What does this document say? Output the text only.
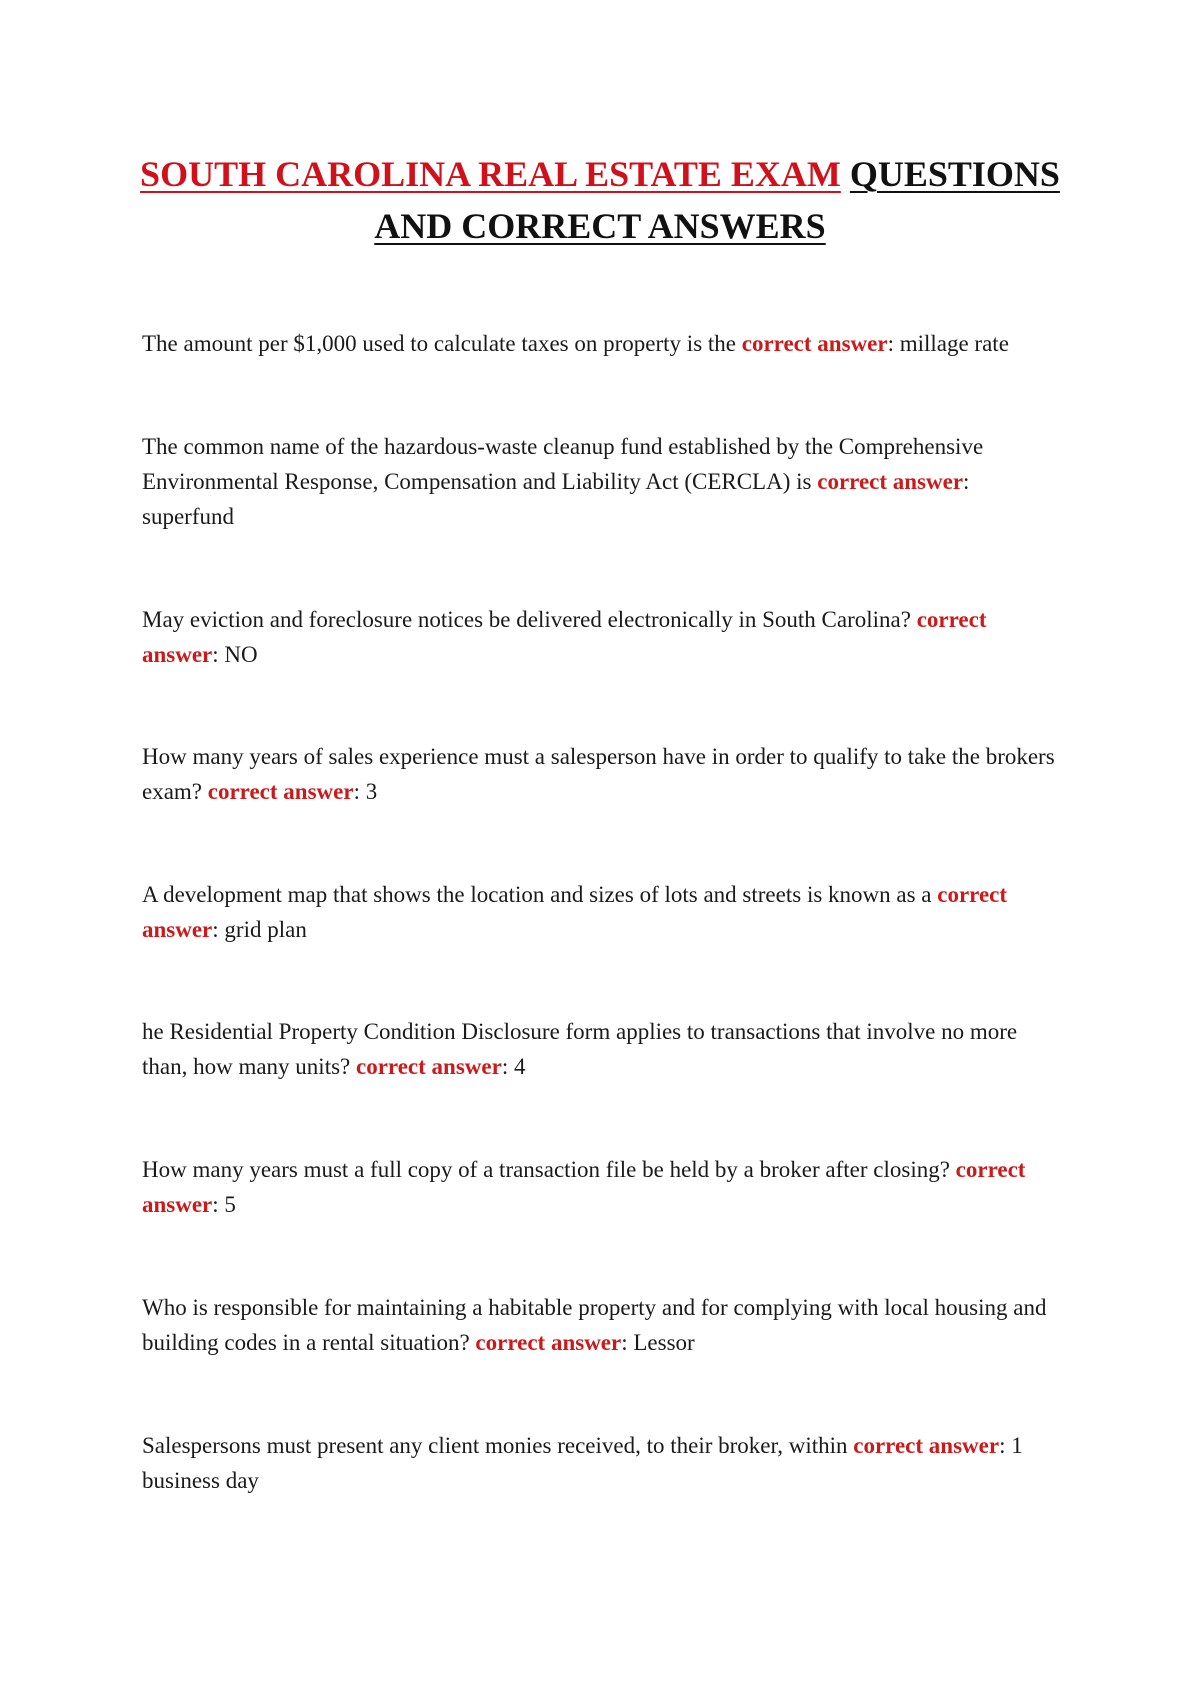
SOUTH CAROLINA REAL ESTATE EXAM QUESTIONS
AND CORRECT ANSWERS

The amount per $1,000 used to calculate taxes on property is the correct answer: millage rate

The common name of the hazardous-waste cleanup fund established by the Comprehensive Environmental Response, Compensation and Liability Act (CERCLA) is correct answer: superfund

May eviction and foreclosure notices be delivered electronically in South Carolina? correct answer: NO

How many years of sales experience must a salesperson have in order to qualify to take the brokers exam? correct answer: 3

A development map that shows the location and sizes of lots and streets is known as a correct answer: grid plan

he Residential Property Condition Disclosure form applies to transactions that involve no more than, how many units? correct answer: 4

How many years must a full copy of a transaction file be held by a broker after closing? correct answer: 5

Who is responsible for maintaining a habitable property and for complying with local housing and building codes in a rental situation? correct answer: Lessor

Salespersons must present any client monies received, to their broker, within correct answer: 1 business day
